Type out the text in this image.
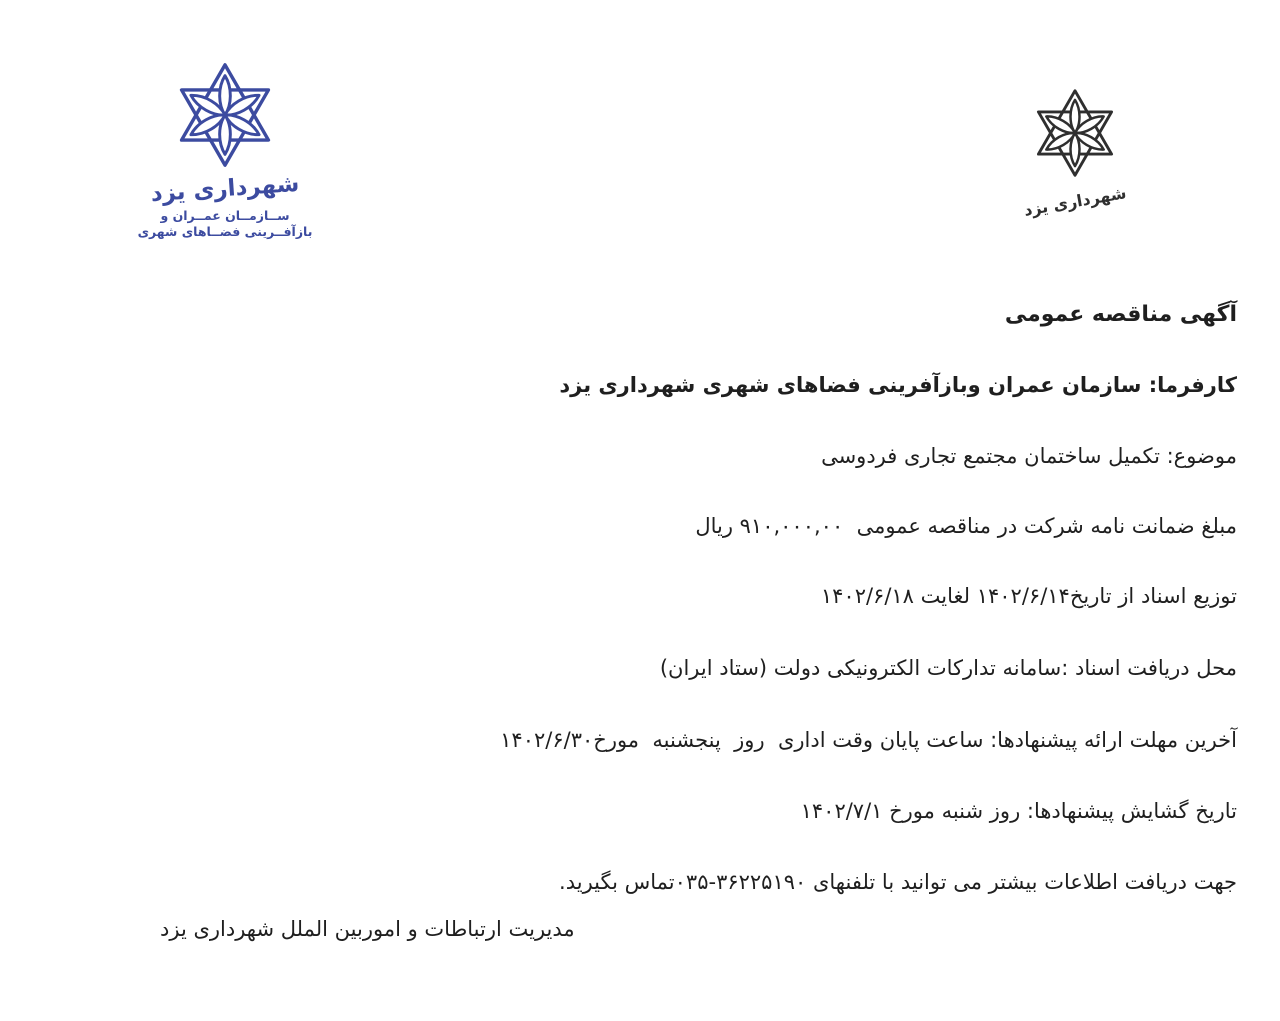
شهرداری یزد
ســازمــان عمــران و
بازآفــرینی فضــاهای شهری
شهرداری یزد
آگهی مناقصه عمومی
کارفرما: سازمان عمران وبازآفرینی فضاهای شهری شهرداری یزد
موضوع: تکمیل ساختمان مجتمع تجاری فردوسی
مبلغ ضمانت نامه شرکت در مناقصه عمومی  ۹۱۰,۰۰۰,۰۰ ریال
توزیع اسناد از تاریخ۱۴۰۲/۶/۱۴ لغایت ۱۴۰۲/۶/۱۸
محل دریافت اسناد :سامانه تدارکات الکترونیکی دولت (ستاد ایران)
آخرین مهلت ارائه پیشنهادها: ساعت پایان وقت اداری  روز  پنجشنبه  مورخ۱۴۰۲/۶/۳۰
تاریخ گشایش پیشنهادها: روز شنبه مورخ ۱۴۰۲/۷/۱
جهت دریافت اطلاعات بیشتر می توانید با تلفنهای ۳۶۲۲۵۱۹۰-۰۳۵تماس بگیرید.
مدیریت ارتباطات و اموربین الملل شهرداری یزد
